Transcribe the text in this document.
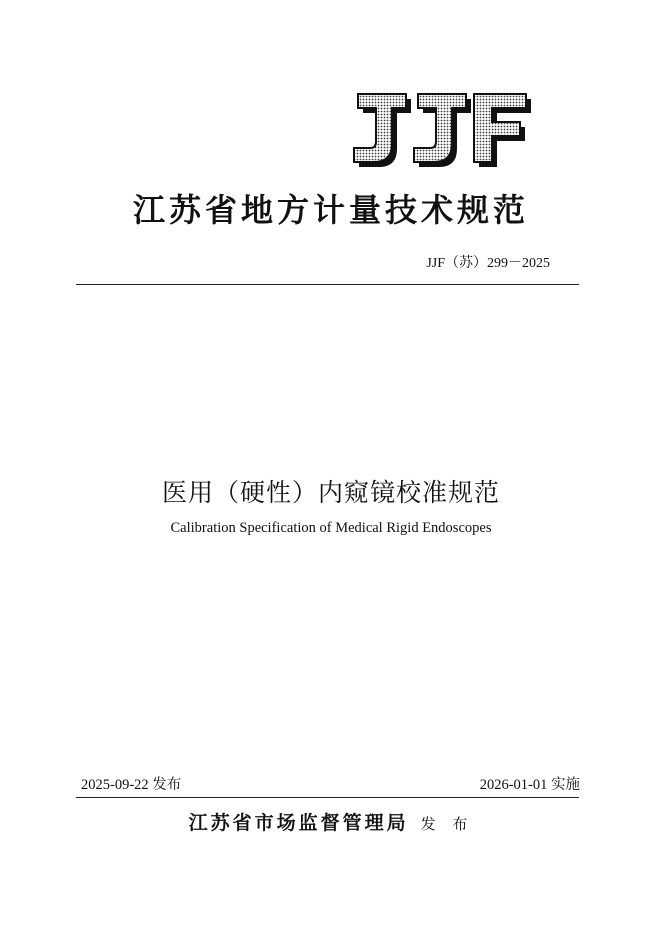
江苏省地方计量技术规范
JJF（苏）299－2025
医用（硬性）内窥镜校准规范
Calibration Specification of Medical Rigid Endoscopes
2025-09-22 发布	2026-01-01 实施
江苏省市场监督管理局 发 布
